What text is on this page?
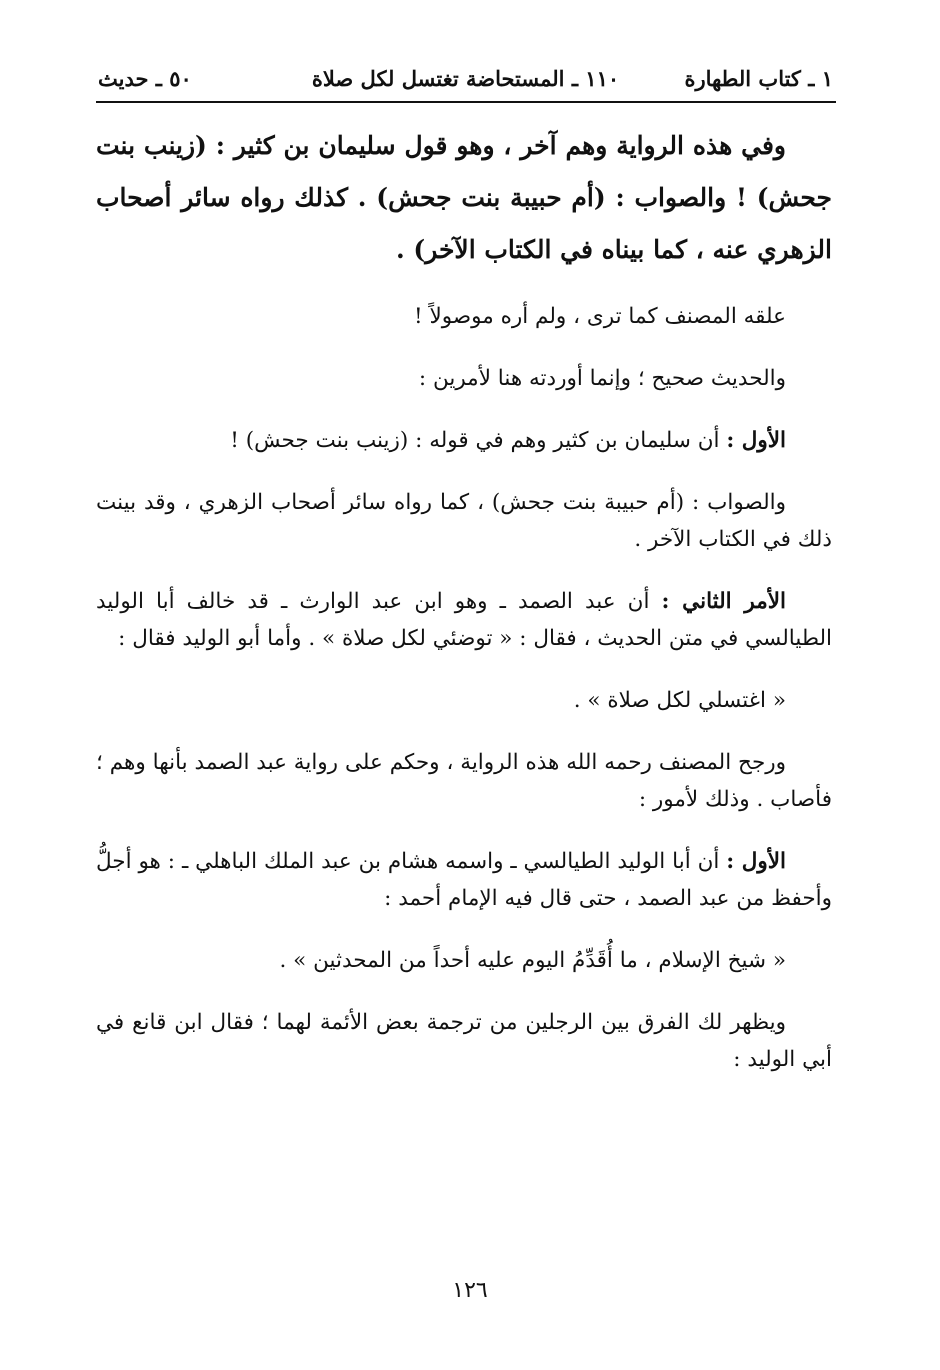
١ ـ كتاب الطهارة
١١٠ ـ المستحاضة تغتسل لكل صلاة
٥٠ ـ حديث

وفي هذه الرواية وهم آخر ، وهو قول سليمان بن كثير : (زينب بنت جحش) ! والصواب : (أم حبيبة بنت جحش) . كذلك رواه سائر أصحاب الزهري عنه ، كما بيناه في الكتاب الآخر) .

علقه المصنف كما ترى ، ولم أره موصولاً !

والحديث صحيح ؛ وإنما أوردته هنا لأمرين :

الأول : أن سليمان بن كثير وهم في قوله : (زينب بنت جحش) !

والصواب : (أم حبيبة بنت جحش) ، كما رواه سائر أصحاب الزهري ، وقد بينت ذلك في الكتاب الآخر .

الأمر الثاني : أن عبد الصمد ـ وهو ابن عبد الوارث ـ قد خالف أبا الوليد الطيالسي في متن الحديث ، فقال : « توضئي لكل صلاة » . وأما أبو الوليد فقال :

« اغتسلي لكل صلاة » .

ورجح المصنف رحمه الله هذه الرواية ، وحكم على رواية عبد الصمد بأنها وهم ؛ فأصاب . وذلك لأمور :

الأول : أن أبا الوليد الطيالسي ـ واسمه هشام بن عبد الملك الباهلي ـ : هو أجلُّ وأحفظ من عبد الصمد ، حتى قال فيه الإمام أحمد :

« شيخ الإسلام ، ما أُقَدِّمُ اليوم عليه أحداً من المحدثين » .

ويظهر لك الفرق بين الرجلين من ترجمة بعض الأئمة لهما ؛ فقال ابن قانع في أبي الوليد :

١٢٦
